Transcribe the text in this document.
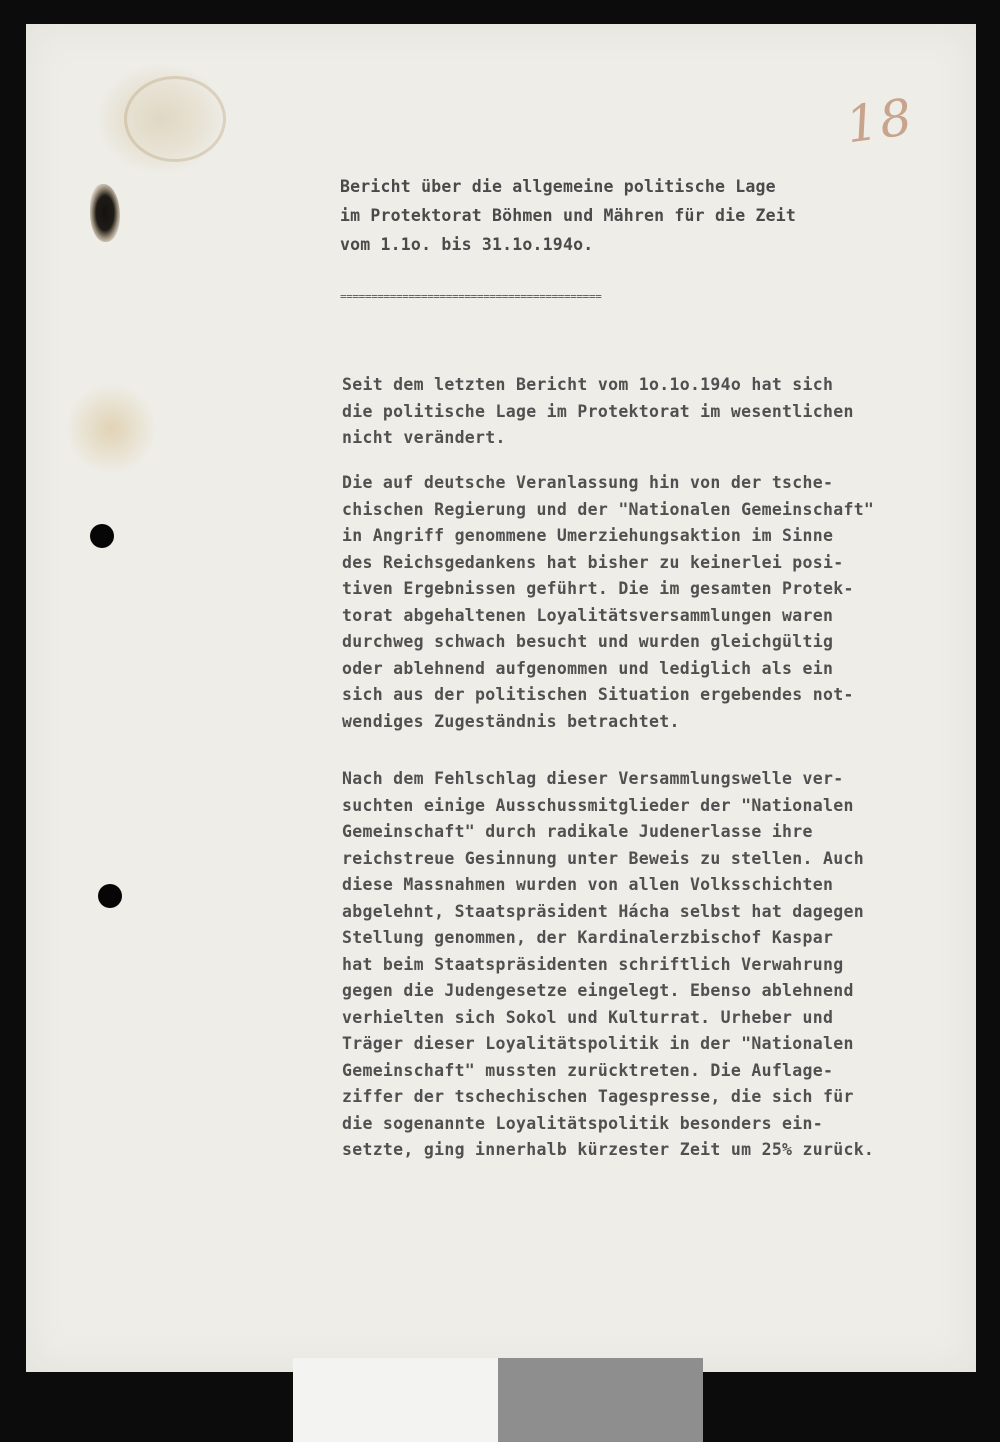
18
Bericht über die allgemeine politische Lage
im Protektorat Böhmen und Mähren für die Zeit
vom 1.1o. bis 31.1o.194o.
==========================================
Seit dem letzten Bericht vom 1o.1o.194o hat sich
die politische Lage im Protektorat im wesentlichen
nicht verändert.
Die auf deutsche Veranlassung hin von der tsche-
chischen Regierung und der "Nationalen Gemeinschaft"
in Angriff genommene Umerziehungsaktion im Sinne
des Reichsgedankens hat bisher zu keinerlei posi-
tiven Ergebnissen geführt. Die im gesamten Protek-
torat abgehaltenen Loyalitätsversammlungen waren
durchweg schwach besucht und wurden gleichgültig
oder ablehnend aufgenommen und lediglich als ein
sich aus der politischen Situation ergebendes not-
wendiges Zugeständnis betrachtet.
Nach dem Fehlschlag dieser Versammlungswelle ver-
suchten einige Ausschussmitglieder der "Nationalen
Gemeinschaft" durch radikale Judenerlasse ihre
reichstreue Gesinnung unter Beweis zu stellen. Auch
diese Massnahmen wurden von allen Volksschichten
abgelehnt, Staatspräsident Hácha selbst hat dagegen
Stellung genommen, der Kardinalerzbischof Kaspar
hat beim Staatspräsidenten schriftlich Verwahrung
gegen die Judengesetze eingelegt. Ebenso ablehnend
verhielten sich Sokol und Kulturrat. Urheber und
Träger dieser Loyalitätspolitik in der "Nationalen
Gemeinschaft" mussten zurücktreten. Die Auflage-
ziffer der tschechischen Tagespresse, die sich für
die sogenannte Loyalitätspolitik besonders ein-
setzte, ging innerhalb kürzester Zeit um 25% zurück.
